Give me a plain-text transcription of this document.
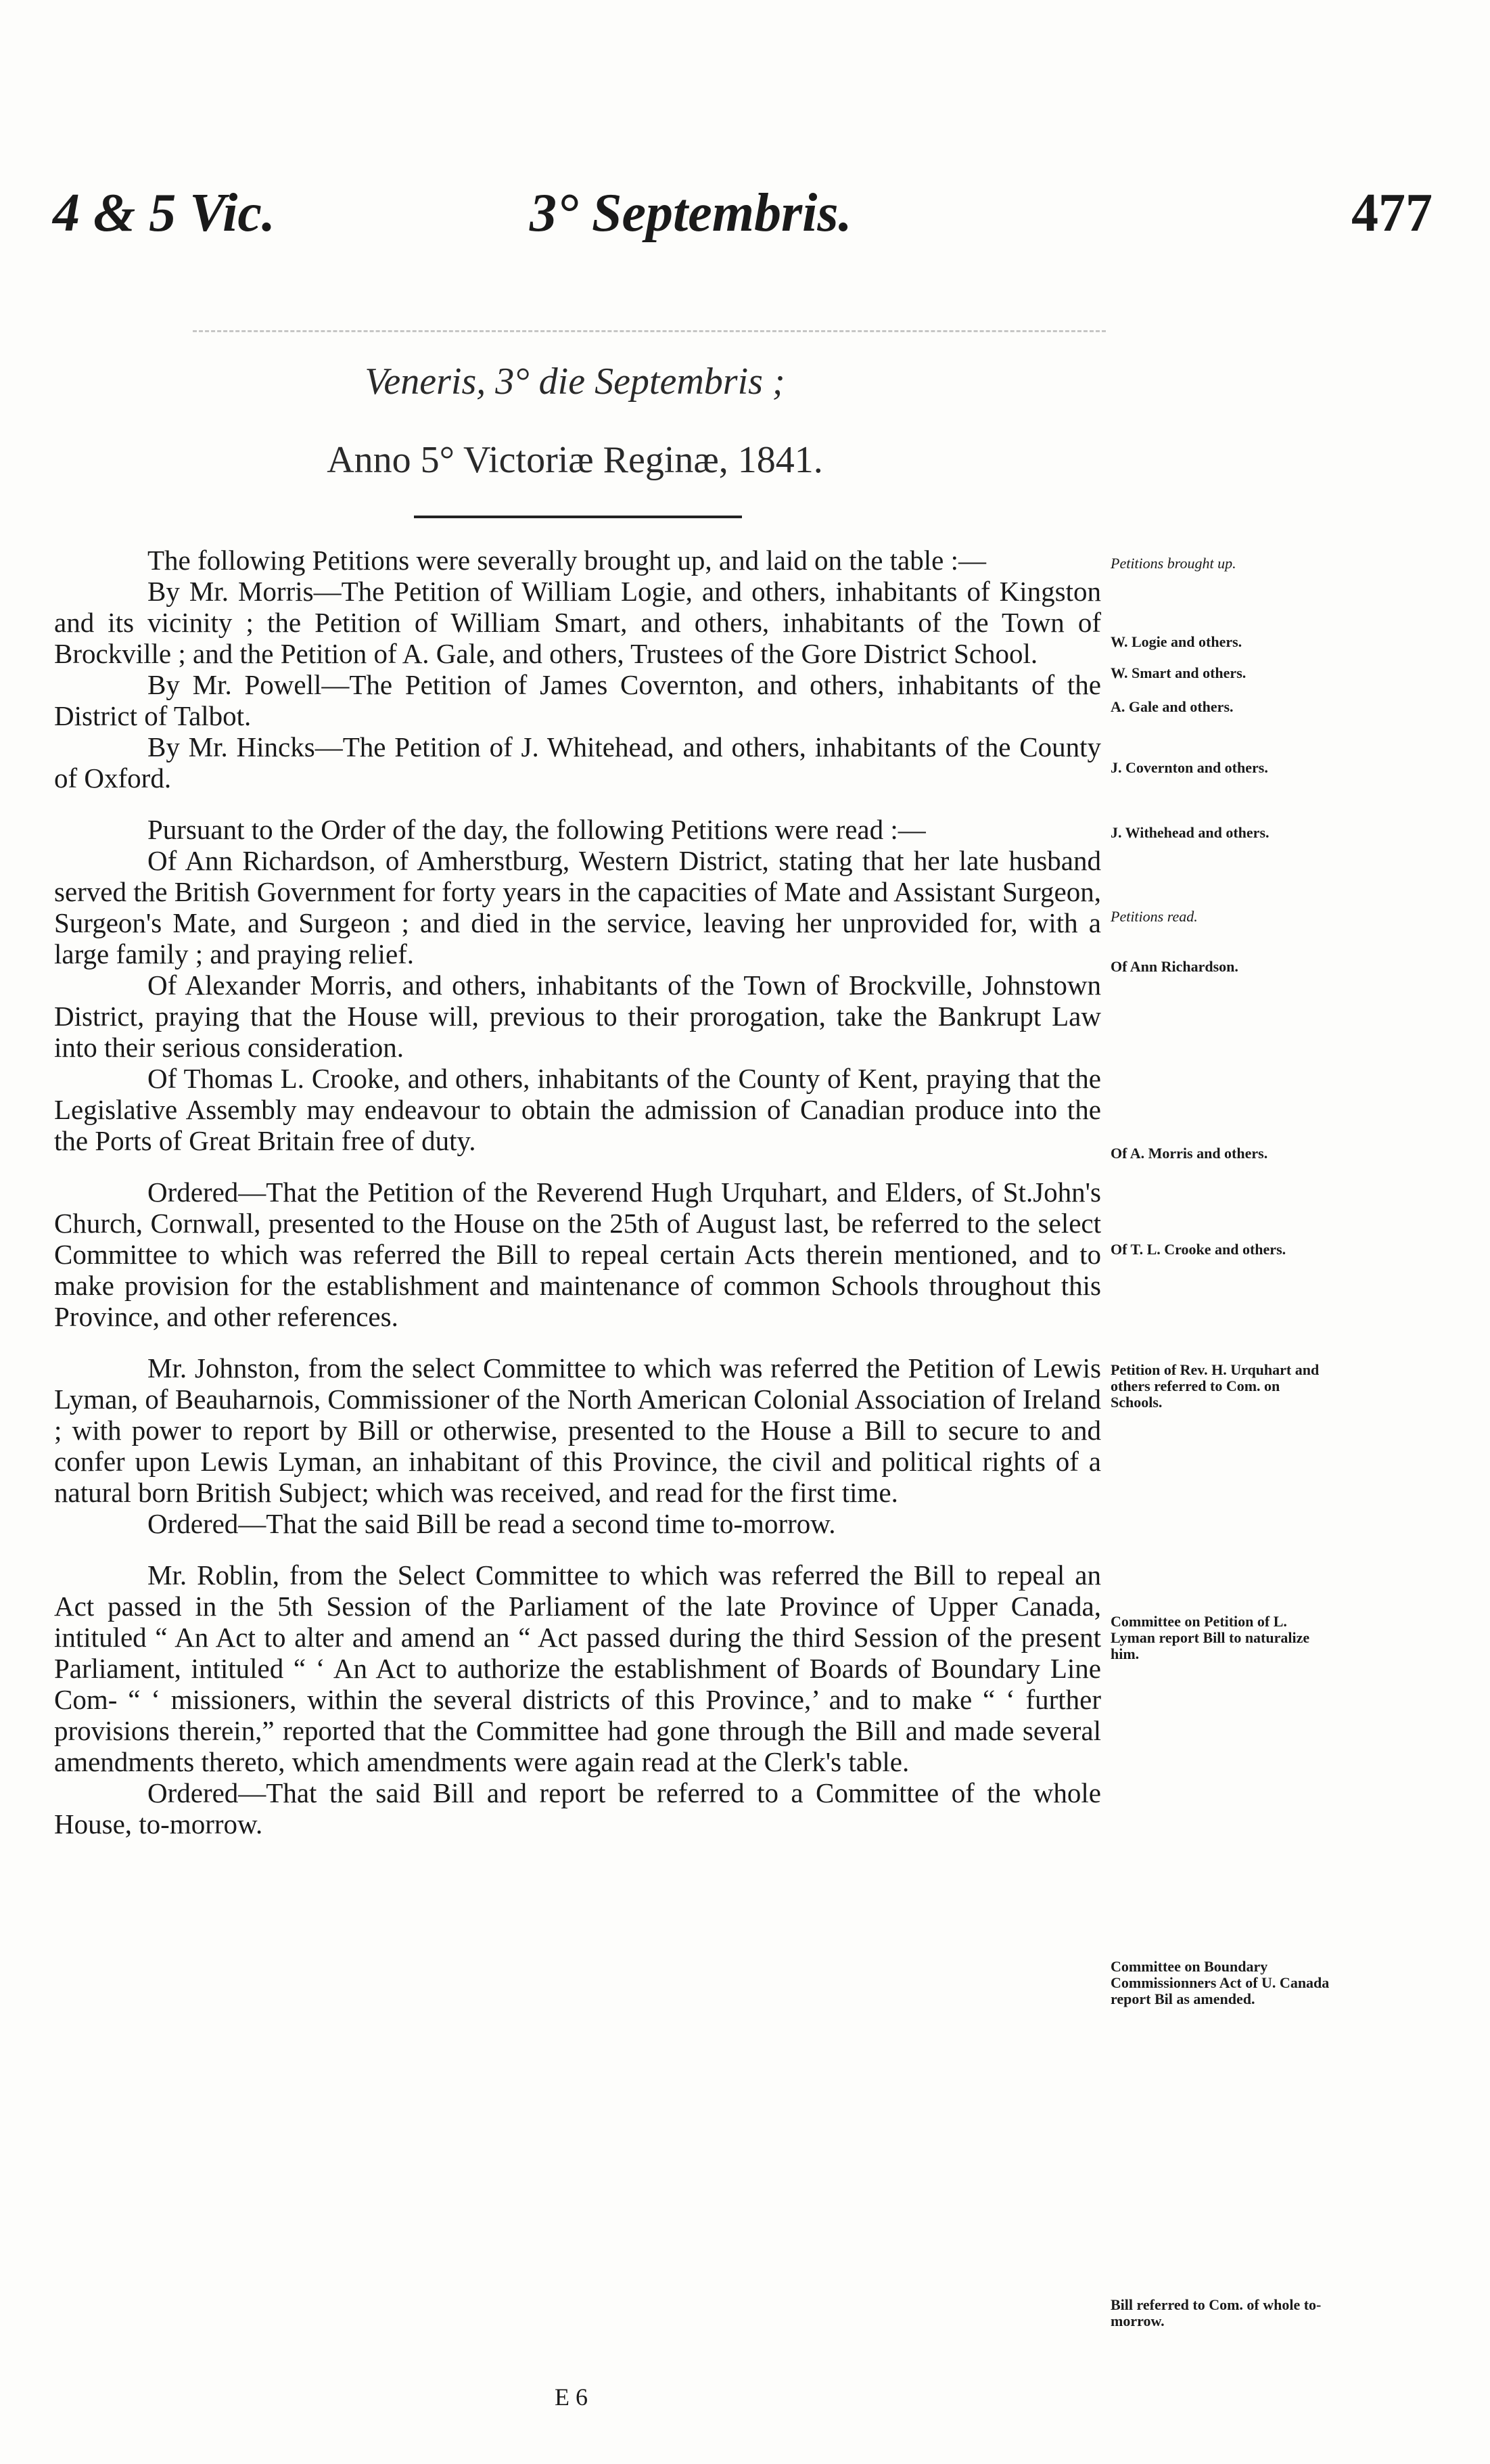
4 & 5 Vic.	3° Septembris.	477
Veneris, 3° die Septembris ;
Anno 5° Victoriæ Reginæ, 1841.

The following Petitions were severally brought up, and laid on the table :—

By Mr. Morris—The Petition of William Logie, and others, inhabitants of Kingston and its vicinity ; the Petition of William Smart, and others, inhabitants of the Town of Brockville ; and the Petition of A. Gale, and others, Trustees of the Gore District School.

By Mr. Powell—The Petition of James Covernton, and others, inhabitants of the District of Talbot.

By Mr. Hincks—The Petition of J. Whitehead, and others, inhabitants of the County of Oxford.

Pursuant to the Order of the day, the following Petitions were read :—

Of Ann Richardson, of Amherstburg, Western District, stating that her late husband served the British Government for forty years in the capacities of Mate and Assistant Surgeon, Surgeon's Mate, and Surgeon ; and died in the service, leaving her unprovided for, with a large family ; and praying relief.

Of Alexander Morris, and others, inhabitants of the Town of Brockville, Johnstown District, praying that the House will, previous to their prorogation, take the Bankrupt Law into their serious consideration.

Of Thomas L. Crooke, and others, inhabitants of the County of Kent, praying that the Legislative Assembly may endeavour to obtain the admission of Canadian produce into the the Ports of Great Britain free of duty.

Ordered—That the Petition of the Reverend Hugh Urquhart, and Elders, of St.John's Church, Cornwall, presented to the House on the 25th of August last, be referred to the select Committee to which was referred the Bill to repeal certain Acts therein mentioned, and to make provision for the establishment and maintenance of common Schools throughout this Province, and other references.

Mr. Johnston, from the select Committee to which was referred the Petition of Lewis Lyman, of Beauharnois, Commissioner of the North American Colonial Association of Ireland ; with power to report by Bill or otherwise, presented to the House a Bill to secure to and confer upon Lewis Lyman, an inhabitant of this Province, the civil and political rights of a natural born British Subject; which was received, and read for the first time.

Ordered—That the said Bill be read a second time to-morrow.

Mr. Roblin, from the Select Committee to which was referred the Bill to repeal an Act passed in the 5th Session of the Parliament of the late Province of Upper Canada, intituled “ An Act to alter and amend an “ Act passed during the third Session of the present Parliament, intituled “ ‘ An Act to authorize the establishment of Boards of Boundary Line Com- “ ‘ missioners, within the several districts of this Province,’ and to make “ ‘ further provisions therein,” reported that the Committee had gone through the Bill and made several amendments thereto, which amendments were again read at the Clerk's table.

Ordered—That the said Bill and report be referred to a Committee of the whole House, to-morrow.

Petitions brought up.
W. Logie and others.
W. Smart and others.
A. Gale and others.
J. Covernton and others.
J. Withehead and others.
Petitions read.
Of Ann Richardson.
Of A. Morris and others.
Of T. L. Crooke and others.
Petition of Rev. H. Urquhart and others referred to Com. on Schools.
Committee on Petition of L. Lyman report Bill to naturalize him.
Committee on Boundary Commissionners Act of U. Canada report Bil as amended.
Bill referred to Com. of whole to-morrow.
E 6
